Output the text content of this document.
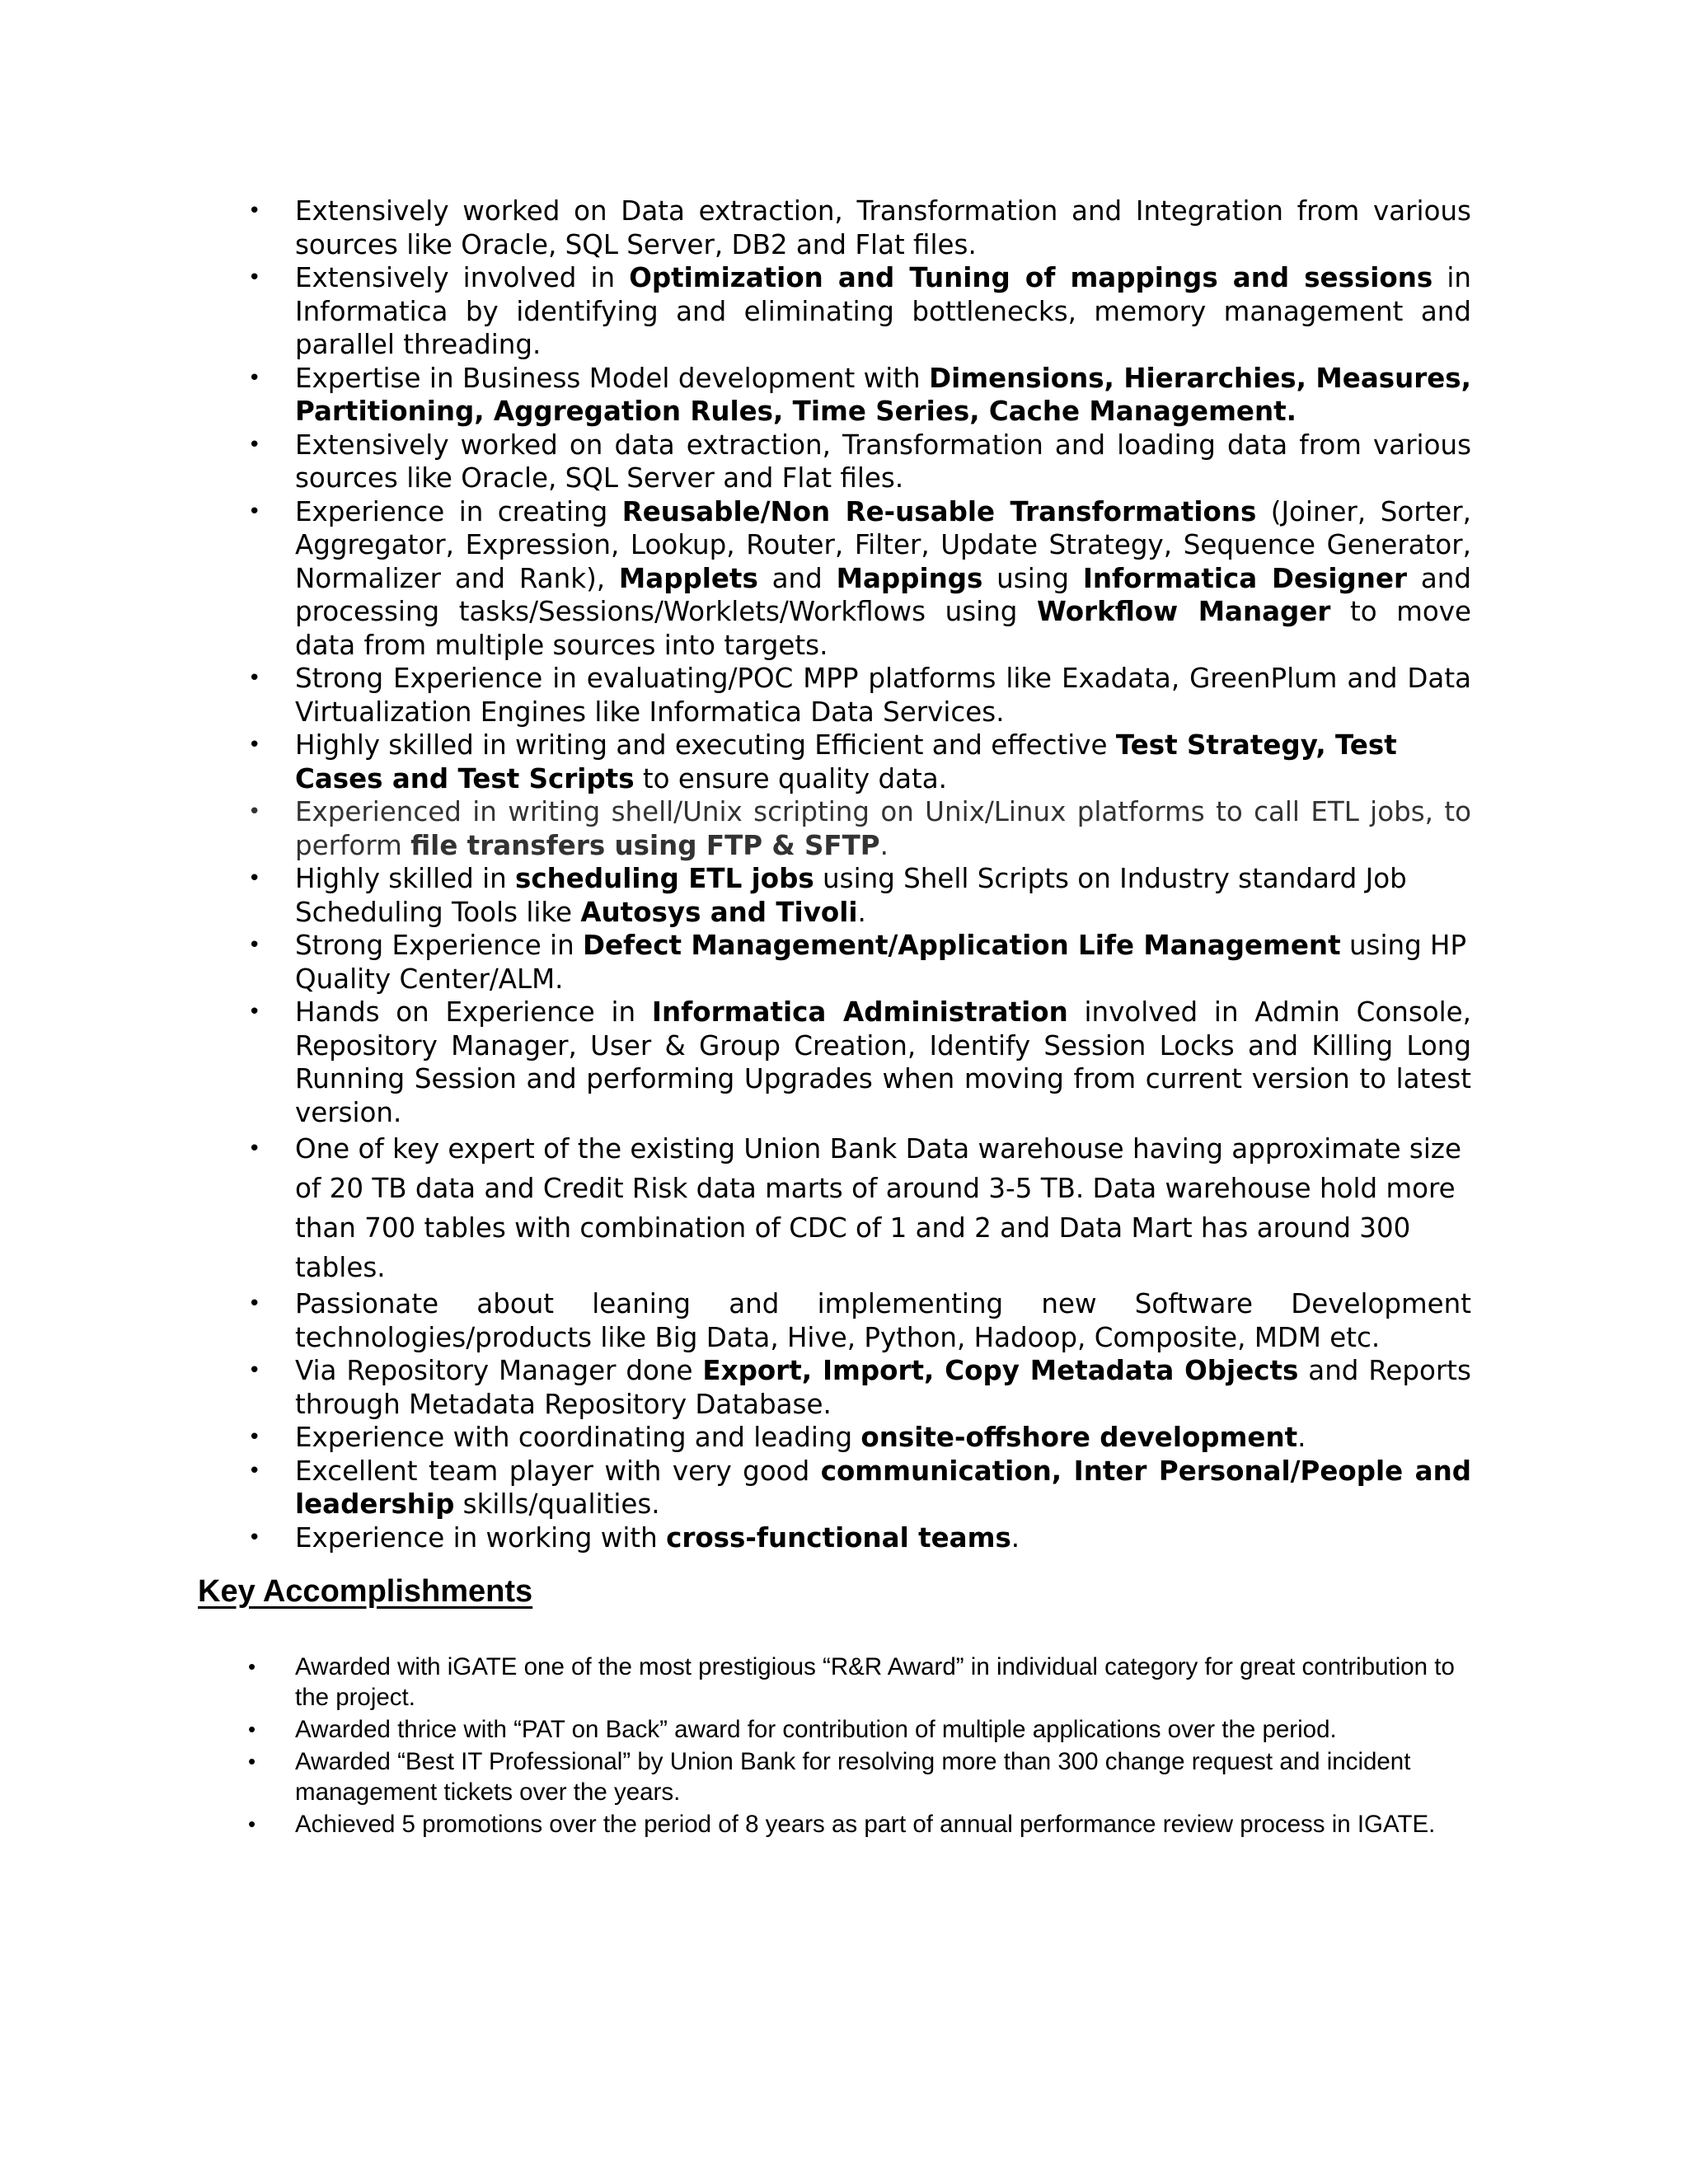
• Extensively worked on Data extraction, Transformation and Integration from various sources like Oracle, SQL Server, DB2 and Flat files.
• Extensively involved in Optimization and Tuning of mappings and sessions in Informatica by identifying and eliminating bottlenecks, memory management and parallel threading.
• Expertise in Business Model development with Dimensions, Hierarchies, Measures, Partitioning, Aggregation Rules, Time Series, Cache Management.
• Extensively worked on data extraction, Transformation and loading data from various sources like Oracle, SQL Server and Flat files.
• Experience in creating Reusable/Non Re-usable Transformations (Joiner, Sorter, Aggregator, Expression, Lookup, Router, Filter, Update Strategy, Sequence Generator, Normalizer and Rank), Mapplets and Mappings using Informatica Designer and processing tasks/Sessions/Worklets/Workflows using Workflow Manager to move data from multiple sources into targets.
• Strong Experience in evaluating/POC MPP platforms like Exadata, GreenPlum and Data Virtualization Engines like Informatica Data Services.
• Highly skilled in writing and executing Efficient and effective Test Strategy, Test Cases and Test Scripts to ensure quality data.
• Experienced in writing shell/Unix scripting on Unix/Linux platforms to call ETL jobs, to perform file transfers using FTP & SFTP.
• Highly skilled in scheduling ETL jobs using Shell Scripts on Industry standard Job Scheduling Tools like Autosys and Tivoli.
• Strong Experience in Defect Management/Application Life Management using HP Quality Center/ALM.
• Hands on Experience in Informatica Administration involved in Admin Console, Repository Manager, User & Group Creation, Identify Session Locks and Killing Long Running Session and performing Upgrades when moving from current version to latest version.
• One of key expert of the existing Union Bank Data warehouse having approximate size of 20 TB data and Credit Risk data marts of around 3-5 TB. Data warehouse hold more than 700 tables with combination of CDC of 1 and 2 and Data Mart has around 300 tables.
• Passionate about leaning and implementing new Software Development technologies/products like Big Data, Hive, Python, Hadoop, Composite, MDM etc.
• Via Repository Manager done Export, Import, Copy Metadata Objects and Reports through Metadata Repository Database.
• Experience with coordinating and leading onsite-offshore development.
• Excellent team player with very good communication, Inter Personal/People and leadership skills/qualities.
• Experience in working with cross-functional teams.
Key Accomplishments
• Awarded with iGATE one of the most prestigious “R&R Award” in individual category for great contribution to the project.
• Awarded thrice with “PAT on Back” award for contribution of multiple applications over the period.
• Awarded “Best IT Professional” by Union Bank for resolving more than 300 change request and incident management tickets over the years.
• Achieved 5 promotions over the period of 8 years as part of annual performance review process in IGATE.
